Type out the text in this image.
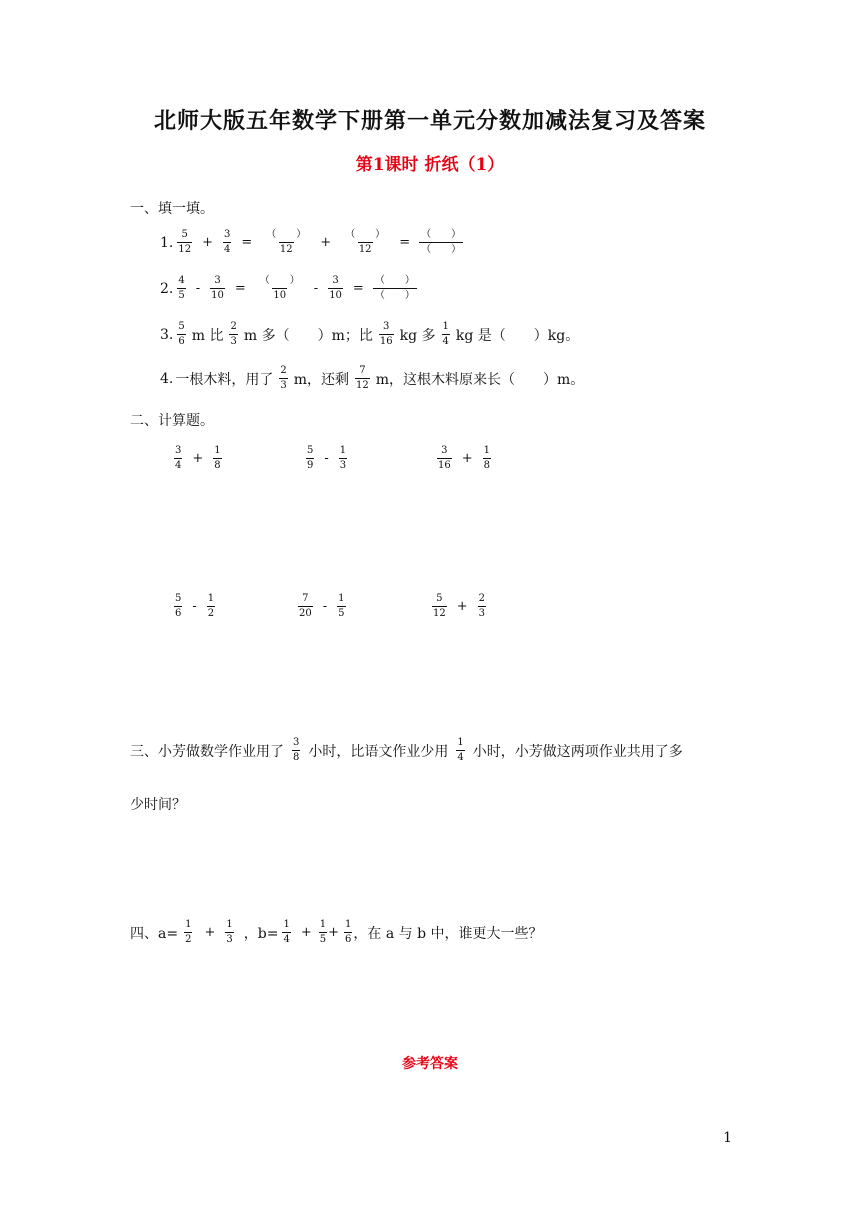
北师大版五年数学下册第一单元分数加减法复习及答案
第1课时 折纸（1）
一、填一填。
1. $\frac{5}{12} + \frac{3}{4} = \frac{( )}{12} + \frac{( )}{12} = \frac{( )}{( )}$
2. $\frac{4}{5} - \frac{3}{10} = \frac{( )}{10} - \frac{3}{10} = \frac{( )}{( )}$
3. $\frac{5}{6}$ m 比 $\frac{2}{3}$ m 多（　　）m；比 $\frac{3}{16}$ kg 多 $\frac{1}{4}$ kg 是（　　）kg。
4. 一根木料，用了 $\frac{2}{3}$ m，还剩 $\frac{7}{12}$ m，这根木料原来长（　　）m。
二、计算题。
$\frac{3}{4} + \frac{1}{8}$	$\frac{5}{9} - \frac{1}{3}$	$\frac{3}{16} + \frac{1}{8}$
$\frac{5}{6} - \frac{1}{2}$	$\frac{7}{20} - \frac{1}{5}$	$\frac{5}{12} + \frac{2}{3}$
三、小芳做数学作业用了 $\frac{3}{8}$ 小时，比语文作业少用 $\frac{1}{4}$ 小时，小芳做这两项作业共用了多
少时间？
四、$a= \frac{1}{2} + \frac{1}{3}$ ，$b= \frac{1}{4} + \frac{1}{5} + \frac{1}{6}$ ，在 a 与 b 中，谁更大一些？
参考答案
1
